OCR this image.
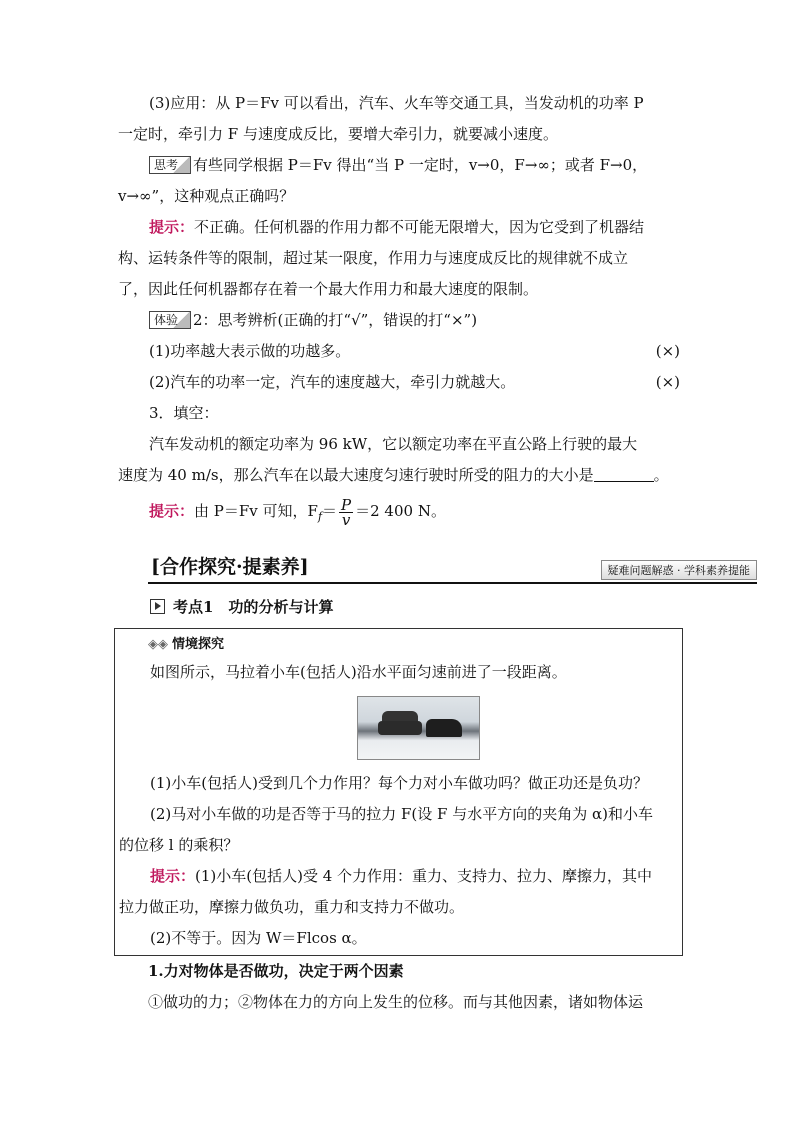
(3)应用：从 P＝Fv 可以看出，汽车、火车等交通工具，当发动机的功率 P
一定时，牵引力 F 与速度成反比，要增大牵引力，就要减小速度。
思考 有些同学根据 P＝Fv 得出“当 P 一定时，v→0，F→∞；或者 F→0，
v→∞”，这种观点正确吗？
提示：不正确。任何机器的作用力都不可能无限增大，因为它受到了机器结
构、运转条件等的限制，超过某一限度，作用力与速度成反比的规律就不成立
了，因此任何机器都存在着一个最大作用力和最大速度的限制。
体验 2：思考辨析(正确的打“√”，错误的打“×”)
(1)功率越大表示做的功越多。	(×)
(2)汽车的功率一定，汽车的速度越大，牵引力就越大。	(×)
3．填空：
汽车发动机的额定功率为 96 kW，它以额定功率在平直公路上行驶的最大
速度为 40 m/s，那么汽车在以最大速度匀速行驶时所受的阻力的大小是	。
提示：由 P＝Fv 可知，$F_f= \frac{P}{v} =2$ 400 N。
[合作探究·提素养]	疑难问题解惑 · 学科素养提能
考点1　功的分析与计算
◈◈ 情境探究
如图所示，马拉着小车(包括人)沿水平面匀速前进了一段距离。
(1)小车(包括人)受到几个力作用？每个力对小车做功吗？做正功还是负功？
(2)马对小车做的功是否等于马的拉力 F(设 F 与水平方向的夹角为 α)和小车
的位移 l 的乘积？
提示：(1)小车(包括人)受 4 个力作用：重力、支持力、拉力、摩擦力，其中
拉力做正功，摩擦力做负功，重力和支持力不做功。
(2)不等于。因为 W＝Flcos α。
1.力对物体是否做功，决定于两个因素
①做功的力；②物体在力的方向上发生的位移。而与其他因素，诸如物体运
